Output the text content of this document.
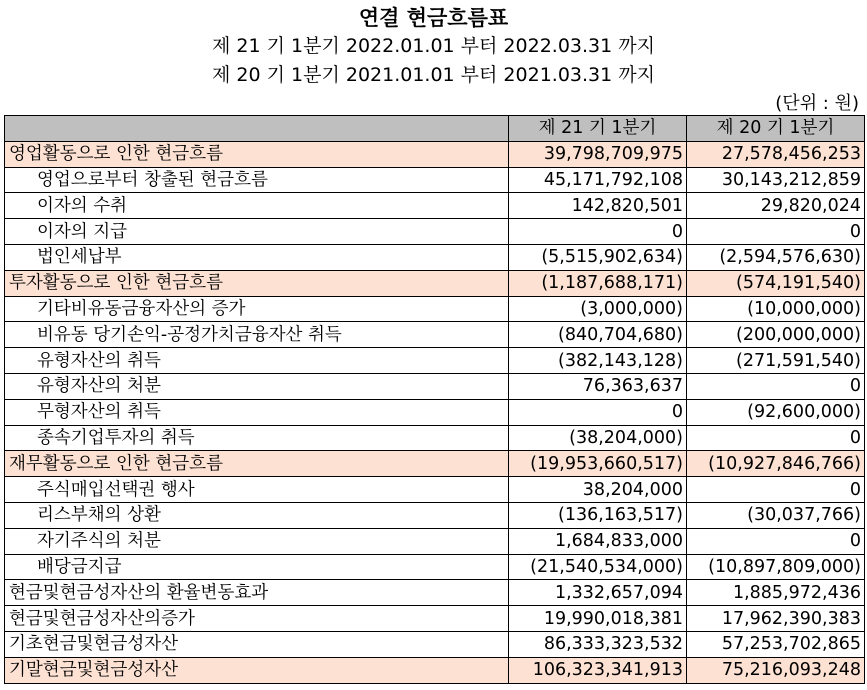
연결 현금흐름표
제 21 기 1분기 2022.01.01 부터 2022.03.31 까지
제 20 기 1분기 2021.01.01 부터 2021.03.31 까지
(단위 : 원)
	제 21 기 1분기	제 20 기 1분기
영업활동으로 인한 현금흐름	39,798,709,975	27,578,456,253
영업으로부터 창출된 현금흐름	45,171,792,108	30,143,212,859
이자의 수취	142,820,501	29,820,024
이자의 지급	0	0
법인세납부	(5,515,902,634)	(2,594,576,630)
투자활동으로 인한 현금흐름	(1,187,688,171)	(574,191,540)
기타비유동금융자산의 증가	(3,000,000)	(10,000,000)
비유동 당기손익-공정가치금융자산 취득	(840,704,680)	(200,000,000)
유형자산의 취득	(382,143,128)	(271,591,540)
유형자산의 처분	76,363,637	0
무형자산의 취득	0	(92,600,000)
종속기업투자의 취득	(38,204,000)	0
재무활동으로 인한 현금흐름	(19,953,660,517)	(10,927,846,766)
주식매입선택권 행사	38,204,000	0
리스부채의 상환	(136,163,517)	(30,037,766)
자기주식의 처분	1,684,833,000	0
배당금지급	(21,540,534,000)	(10,897,809,000)
현금및현금성자산의 환율변동효과	1,332,657,094	1,885,972,436
현금및현금성자산의증가	19,990,018,381	17,962,390,383
기초현금및현금성자산	86,333,323,532	57,253,702,865
기말현금및현금성자산	106,323,341,913	75,216,093,248
